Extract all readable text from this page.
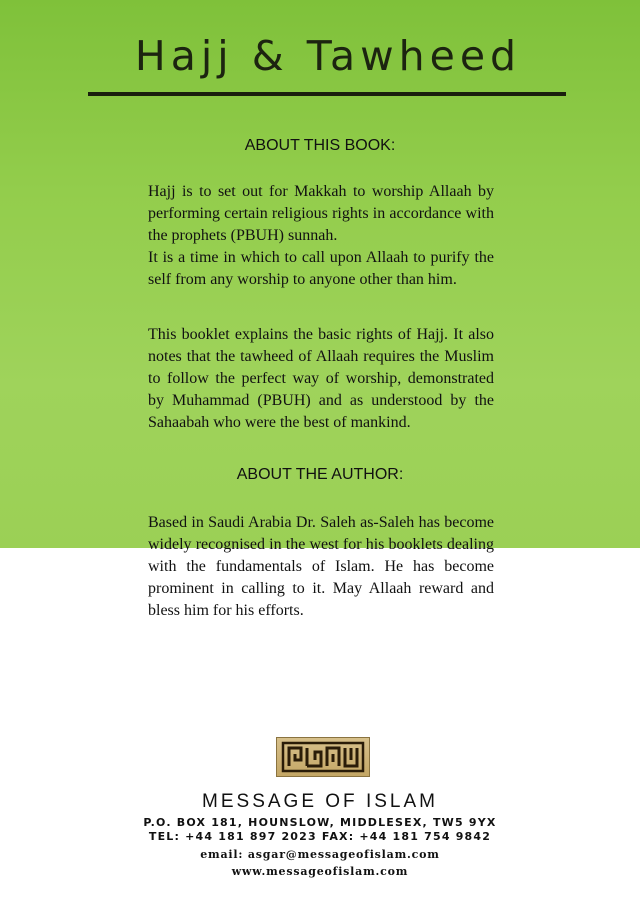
Hajj & Tawheed
ABOUT THIS BOOK:

Hajj is to set out for Makkah to worship Allaah by performing certain religious rights in accordance with the prophets (PBUH) sunnah.

It is a time in which to call upon Allaah to purify the self from any worship to anyone other than him.

This booklet explains the basic rights of Hajj. It also notes that the tawheed of Allaah requires the Muslim to follow the perfect way of worship, demonstrated by Muhammad (PBUH) and as understood by the Sahaabah who were the best of mankind.
ABOUT THE AUTHOR:
Based in Saudi Arabia Dr. Saleh as-Saleh has become widely recognised in the west for his booklets dealing with the fundamentals of Islam. He has become prominent in calling to it. May Allaah reward and bless him for his efforts.
MESSAGE OF ISLAM
P.O. BOX 181, HOUNSLOW, MIDDLESEX, TW5 9YX
TEL: +44 181 897 2023 FAX: +44 181 754 9842
email: asgar@messageofislam.com
www.messageofislam.com
